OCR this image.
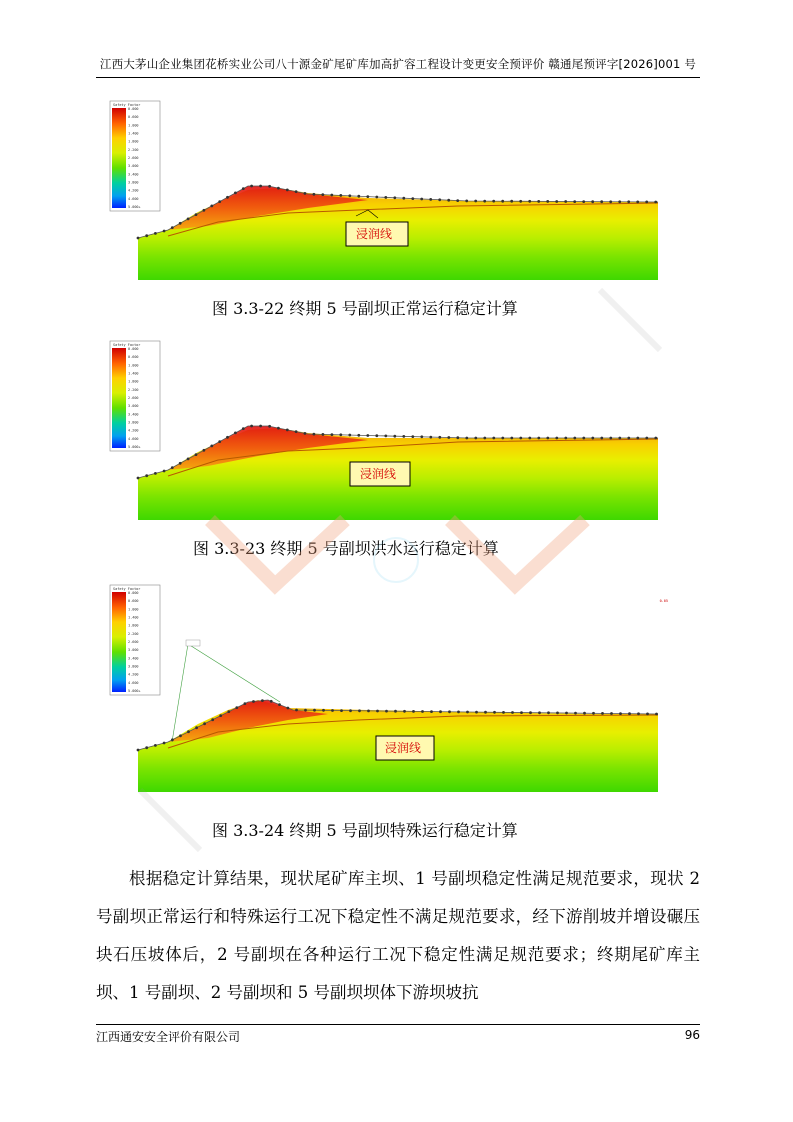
江西大茅山企业集团花桥实业公司八十源金矿尾矿库加高扩容工程设计变更安全预评价 赣通尾预评字[2026]001 号
Safety Factor
0.000
0.600
1.000
1.400
1.800
2.200
2.600
3.000
3.400
3.800
4.200
4.600
5.000+
浸润线
图 3.3-22 终期 5 号副坝正常运行稳定计算
Safety Factor
0.000
0.600
1.000
1.400
1.800
2.200
2.600
3.000
3.400
3.800
4.200
4.600
5.000+
浸润线
图 3.3-23 终期 5 号副坝洪水运行稳定计算
Safety Factor
0.000
0.600
1.000
1.400
1.800
2.200
2.600
3.000
3.400
3.800
4.200
4.600
5.000+
0.05
浸润线
图 3.3-24 终期 5 号副坝特殊运行稳定计算

根据稳定计算结果，现状尾矿库主坝、1 号副坝稳定性满足规范要求，现状 2 号副坝正常运行和特殊运行工况下稳定性不满足规范要求，经下游削坡并增设碾压块石压坡体后，2 号副坝在各种运行工况下稳定性满足规范要求；终期尾矿库主坝、1 号副坝、2 号副坝和 5 号副坝坝体下游坝坡抗

江西通安安全评价有限公司	96
